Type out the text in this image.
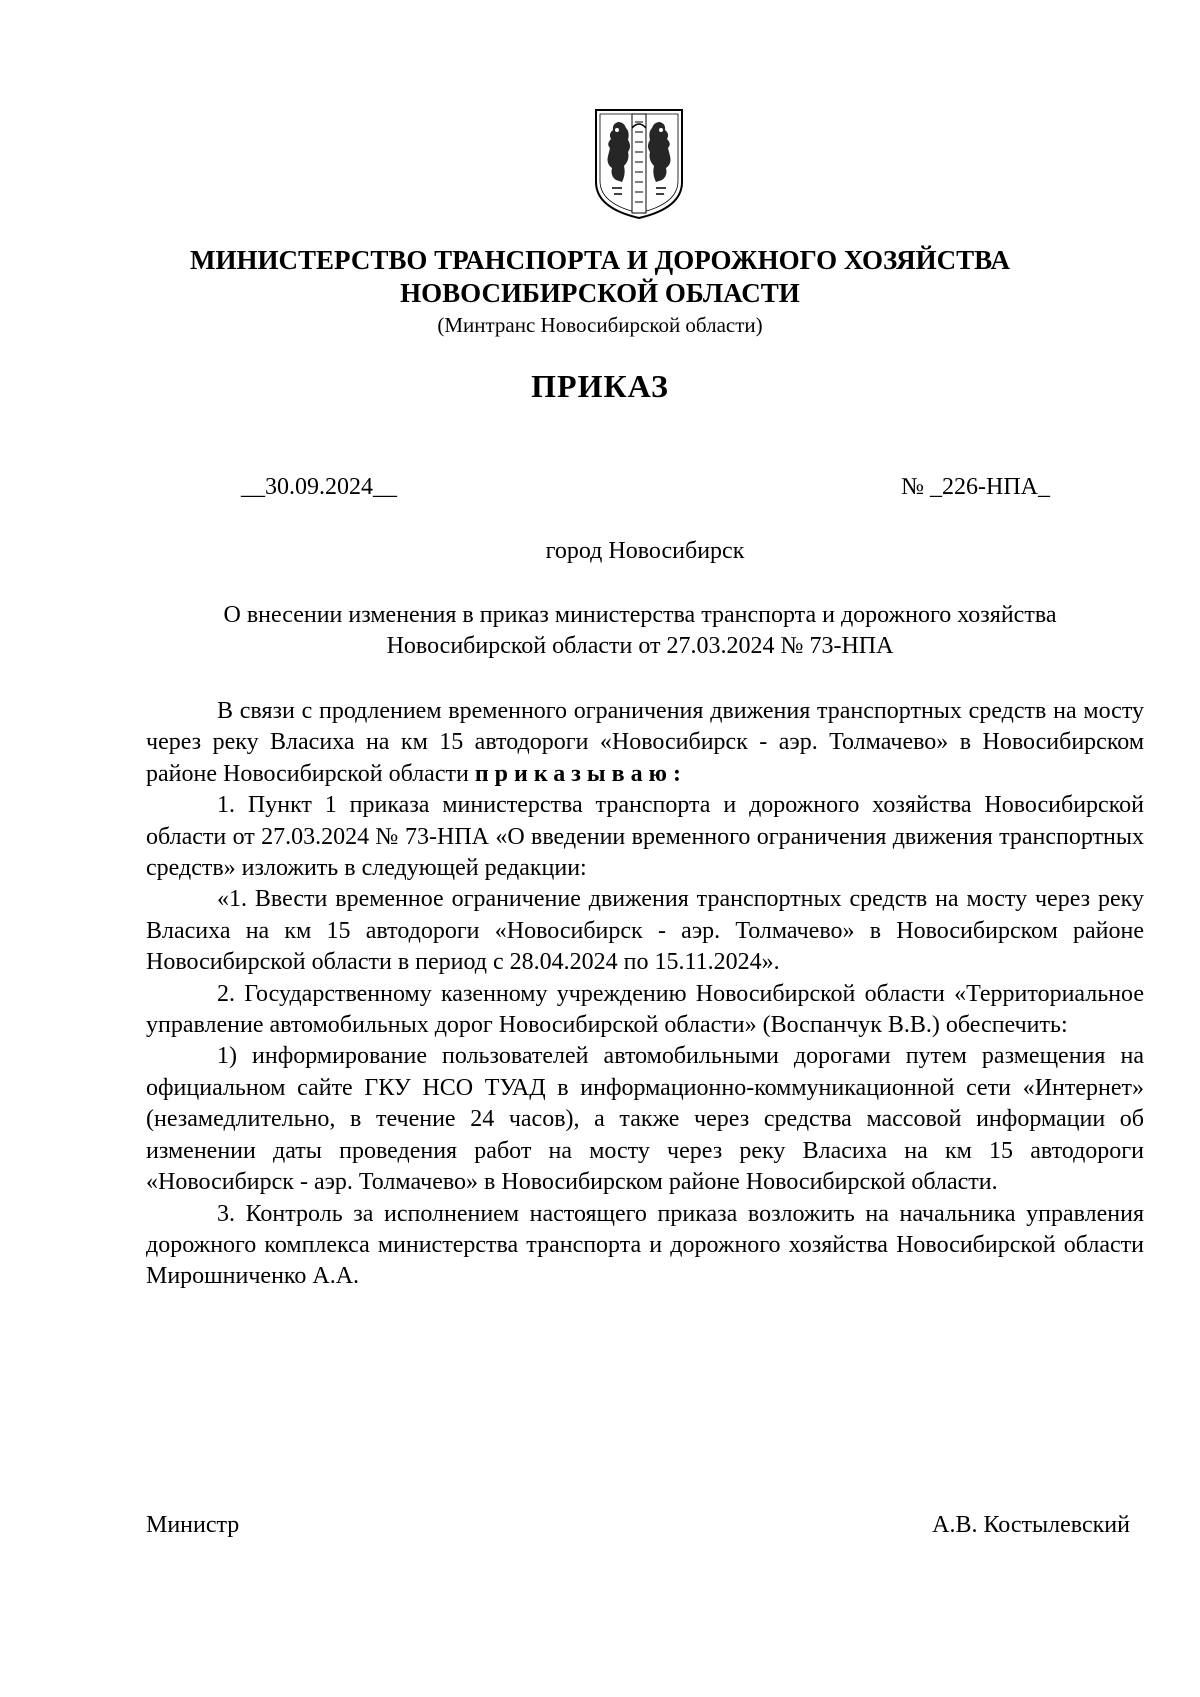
МИНИСТЕРСТВО ТРАНСПОРТА И ДОРОЖНОГО ХОЗЯЙСТВА
НОВОСИБИРСКОЙ ОБЛАСТИ
(Минтранс Новосибирской области)
ПРИКАЗ
__30.09.2024__	№ _226-НПА_
город Новосибирск
О внесении изменения в приказ министерства транспорта и дорожного хозяйства
Новосибирской области от 27.03.2024 № 73-НПА

В связи с продлением временного ограничения движения транспортных средств на мосту через реку Власиха на км 15 автодороги «Новосибирск - аэр. Толмачево» в Новосибирском районе Новосибирской области приказываю:

1. Пункт 1 приказа министерства транспорта и дорожного хозяйства Новосибирской области от 27.03.2024 № 73-НПА «О введении временного ограничения движения транспортных средств» изложить в следующей редакции:

«1. Ввести временное ограничение движения транспортных средств на мосту через реку Власиха на км 15 автодороги «Новосибирск - аэр. Толмачево» в Новосибирском районе Новосибирской области в период с 28.04.2024 по 15.11.2024».

2. Государственному казенному учреждению Новосибирской области «Территориальное управление автомобильных дорог Новосибирской области» (Воспанчук В.В.) обеспечить:

1) информирование пользователей автомобильными дорогами путем размещения на официальном сайте ГКУ НСО ТУАД в информационно-коммуникационной сети «Интернет» (незамедлительно, в течение 24 часов), а также через средства массовой информации об изменении даты проведения работ на мосту через реку Власиха на км 15 автодороги «Новосибирск - аэр. Толмачево» в Новосибирском районе Новосибирской области.

3. Контроль за исполнением настоящего приказа возложить на начальника управления дорожного комплекса министерства транспорта и дорожного хозяйства Новосибирской области Мирошниченко А.А.

Министр	А.В. Костылевский
